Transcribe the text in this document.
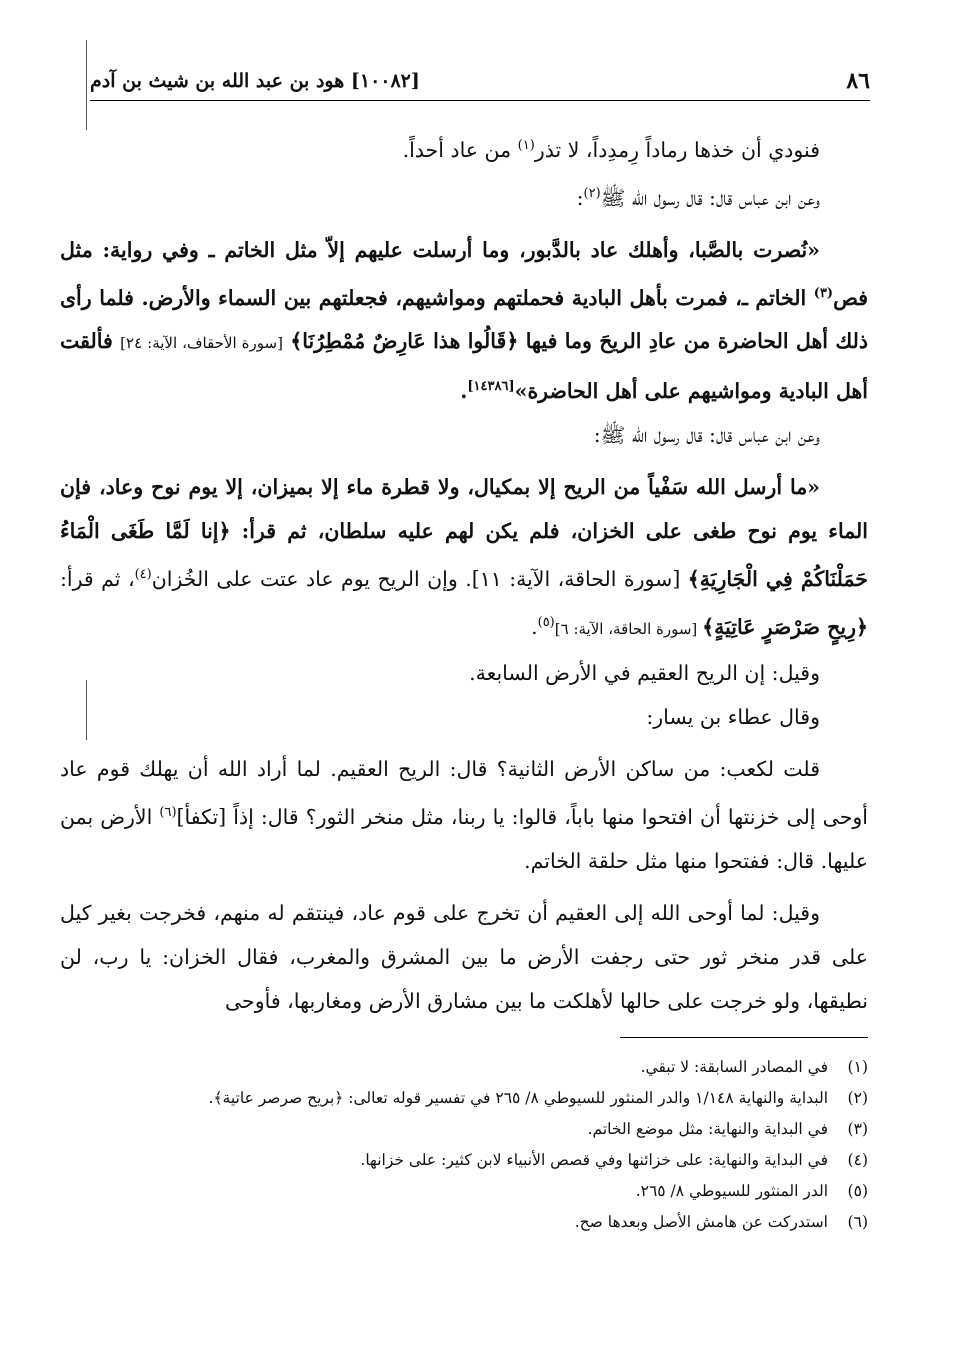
٨٦
[١٠٠٨٢] هود بن عبد الله بن شيث بن آدم

فنودي أن خذها رماداً رِمدِداً، لا تذر$^{(١)}$ من عاد أحداً.

وعن ابن عباس قال: قال رسول الله ﷺ$^{(٢)}$:

«نُصرت بالصَّبا، وأهلك عاد بالدَّبور، وما أرسلت عليهم إلاّ مثل الخاتم ـ وفي رواية: مثل فص$^{(٣)}$ الخاتم ـ، فمرت بأهل البادية فحملتهم ومواشيهم، فجعلتهم بين السماء والأرض. فلما رأى ذلك أهل الحاضرة من عادِ الريحَ وما فيها ﴿قَالُوا هذا عَارِضٌ مُمْطِرُنَا﴾ [سورة الأحقاف، الآية: ٢٤] فألقت أهل البادية ومواشيهم على أهل الحاضرة»[١٤٣٨٦].

وعن ابن عباس قال: قال رسول الله ﷺ:

«ما أرسل الله سَفْياً من الريح إلا بمكيال، ولا قطرة ماء إلا بميزان، إلا يوم نوح وعاد، فإن الماء يوم نوح طغى على الخزان، فلم يكن لهم عليه سلطان، ثم قرأ: ﴿إنا لَمَّا طَغَى الْمَاءُ حَمَلْنَاكُمْ فِي الْجَارِيَةِ﴾ [سورة الحاقة، الآية: ١١]. وإن الريح يوم عاد عتت على الخُزان$^{(٤)}$، ثم قرأ: ﴿رِيحٍ صَرْصَرٍ عَاتِيَةٍ﴾ [سورة الحاقة، الآية: ٦]$^{(٥)}$.

وقيل: إن الريح العقيم في الأرض السابعة.

وقال عطاء بن يسار:

قلت لكعب: من ساكن الأرض الثانية؟ قال: الريح العقيم. لما أراد الله أن يهلك قوم عاد أوحى إلى خزنتها أن افتحوا منها باباً، قالوا: يا ربنا، مثل منخر الثور؟ قال: إذاً [تكفأ]$^{(٦)}$ الأرض بمن عليها. قال: ففتحوا منها مثل حلقة الخاتم.

وقيل: لما أوحى الله إلى العقيم أن تخرج على قوم عاد، فينتقم له منهم، فخرجت بغير كيل على قدر منخر ثور حتى رجفت الأرض ما بين المشرق والمغرب، فقال الخزان: يا رب، لن نطيقها، ولو خرجت على حالها لأهلكت ما بين مشارق الأرض ومغاربها، فأوحى

(١)
في المصادر السابقة: لا تبقي.
(٢)
البداية والنهاية ١/١٤٨ والدر المنثور للسيوطي ٨/ ٢٦٥ في تفسير قوله تعالى: ﴿بريح صرصر عاتية﴾.
(٣)
في البداية والنهاية: مثل موضع الخاتم.
(٤)
في البداية والنهاية: على خزائنها وفي قصص الأنبياء لابن كثير: على خزانها.
(٥)
الدر المنثور للسيوطي ٨/ ٢٦٥.
(٦)
استدركت عن هامش الأصل وبعدها صح.
